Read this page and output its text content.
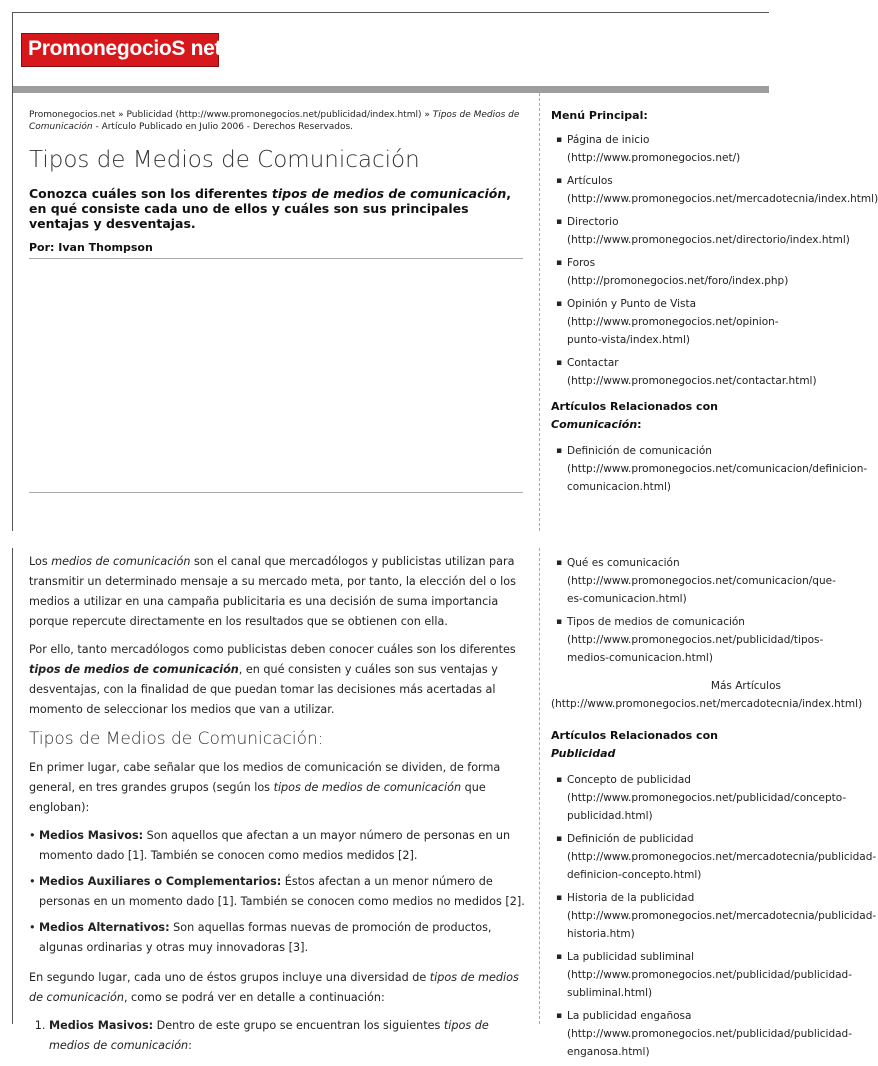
PromonegocioS net
Promonegocios.net » Publicidad (http://www.promonegocios.net/publicidad/index.html) » Tipos de Medios de Comunicación - Artículo Publicado en Julio 2006 - Derechos Reservados.
Tipos de Medios de Comunicación

Conozca cuáles son los diferentes tipos de medios de comunicación, en qué consiste cada uno de ellos y cuáles son sus principales ventajas y desventajas.

Por: Ivan Thompson
Menú Principal:
▪ Página de inicio
(http://www.promonegocios.net/)
▪ Artículos
(http://www.promonegocios.net/mercadotecnia/index.html)
▪ Directorio
(http://www.promonegocios.net/directorio/index.html)
▪ Foros
(http://promonegocios.net/foro/index.php)
▪ Opinión y Punto de Vista
(http://www.promonegocios.net/opinion-punto-vista/index.html)
▪ Contactar
(http://www.promonegocios.net/contactar.html)
Artículos Relacionados con
Comunicación:
▪ Definición de comunicación
(http://www.promonegocios.net/comunicacion/definicion-comunicacion.html)

Los medios de comunicación son el canal que mercadólogos y publicistas utilizan para transmitir un determinado mensaje a su mercado meta, por tanto, la elección del o los medios a utilizar en una campaña publicitaria es una decisión de suma importancia porque repercute directamente en los resultados que se obtienen con ella.

Por ello, tanto mercadólogos como publicistas deben conocer cuáles son los diferentes tipos de medios de comunicación, en qué consisten y cuáles son sus ventajas y desventajas, con la finalidad de que puedan tomar las decisiones más acertadas al momento de seleccionar los medios que van a utilizar.

Tipos de Medios de Comunicación:

En primer lugar, cabe señalar que los medios de comunicación se dividen, de forma general, en tres grandes grupos (según los tipos de medios de comunicación que engloban):

• Medios Masivos: Son aquellos que afectan a un mayor número de personas en un momento dado [1]. También se conocen como medios medidos [2].
• Medios Auxiliares o Complementarios: Éstos afectan a un menor número de personas en un momento dado [1]. También se conocen como medios no medidos [2].
• Medios Alternativos: Son aquellas formas nuevas de promoción de productos, algunas ordinarias y otras muy innovadoras [3].

En segundo lugar, cada uno de éstos grupos incluye una diversidad de tipos de medios de comunicación, como se podrá ver en detalle a continuación:

1. Medios Masivos: Dentro de este grupo se encuentran los siguientes tipos de medios de comunicación:
▪ Qué es comunicación
(http://www.promonegocios.net/comunicacion/que-es-comunicacion.html)
▪ Tipos de medios de comunicación
(http://www.promonegocios.net/publicidad/tipos-medios-comunicacion.html)
Más Artículos
(http://www.promonegocios.net/mercadotecnia/index.html)
Artículos Relacionados con Publicidad
▪ Concepto de publicidad
(http://www.promonegocios.net/publicidad/concepto-publicidad.html)
▪ Definición de publicidad
(http://www.promonegocios.net/mercadotecnia/publicidad-definicion-concepto.html)
▪ Historia de la publicidad
(http://www.promonegocios.net/mercadotecnia/publicidad-historia.htm)
▪ La publicidad subliminal
(http://www.promonegocios.net/publicidad/publicidad-subliminal.html)
▪ La publicidad engañosa
(http://www.promonegocios.net/publicidad/publicidad-enganosa.html)
